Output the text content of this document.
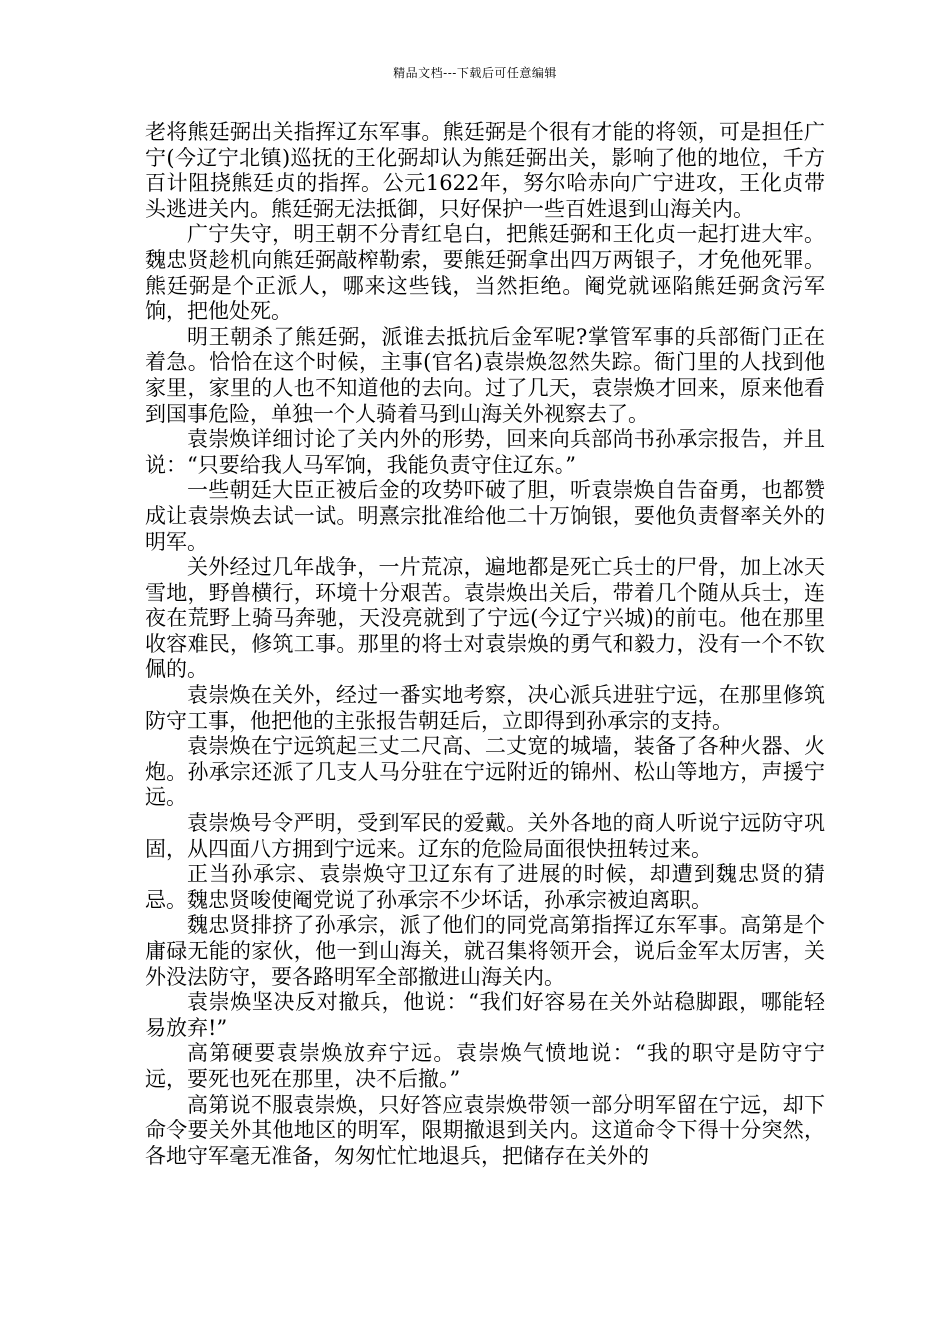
精品文档---下载后可任意编辑

老将熊廷弼出关指挥辽东军事。熊廷弼是个很有才能的将领，可是担任广宁(今辽宁北镇)巡抚的王化弼却认为熊廷弼出关，影响了他的地位，千方百计阻挠熊廷贞的指挥。公元1622年，努尔哈赤向广宁进攻，王化贞带头逃进关内。熊廷弼无法抵御，只好保护一些百姓退到山海关内。

广宁失守，明王朝不分青红皂白，把熊廷弼和王化贞一起打进大牢。魏忠贤趁机向熊廷弼敲榨勒索，要熊廷弼拿出四万两银子，才免他死罪。熊廷弼是个正派人，哪来这些钱，当然拒绝。阉党就诬陷熊廷弼贪污军饷，把他处死。

明王朝杀了熊廷弼，派谁去抵抗后金军呢?掌管军事的兵部衙门正在着急。恰恰在这个时候，主事(官名)袁崇焕忽然失踪。衙门里的人找到他家里，家里的人也不知道他的去向。过了几天，袁崇焕才回来，原来他看到国事危险，单独一个人骑着马到山海关外视察去了。

袁崇焕详细讨论了关内外的形势，回来向兵部尚书孙承宗报告，并且说：“只要给我人马军饷，我能负责守住辽东。”

一些朝廷大臣正被后金的攻势吓破了胆，听袁崇焕自告奋勇，也都赞成让袁崇焕去试一试。明熹宗批准给他二十万饷银，要他负责督率关外的明军。

关外经过几年战争，一片荒凉，遍地都是死亡兵士的尸骨，加上冰天雪地，野兽横行，环境十分艰苦。袁崇焕出关后，带着几个随从兵士，连夜在荒野上骑马奔驰，天没亮就到了宁远(今辽宁兴城)的前屯。他在那里收容难民，修筑工事。那里的将士对袁崇焕的勇气和毅力，没有一个不钦佩的。

袁崇焕在关外，经过一番实地考察，决心派兵进驻宁远，在那里修筑防守工事，他把他的主张报告朝廷后，立即得到孙承宗的支持。

袁崇焕在宁远筑起三丈二尺高、二丈宽的城墙，装备了各种火器、火炮。孙承宗还派了几支人马分驻在宁远附近的锦州、松山等地方，声援宁远。

袁崇焕号令严明，受到军民的爱戴。关外各地的商人听说宁远防守巩固，从四面八方拥到宁远来。辽东的危险局面很快扭转过来。

正当孙承宗、袁崇焕守卫辽东有了进展的时候，却遭到魏忠贤的猜忌。魏忠贤唆使阉党说了孙承宗不少坏话，孙承宗被迫离职。

魏忠贤排挤了孙承宗，派了他们的同党高第指挥辽东军事。高第是个庸碌无能的家伙，他一到山海关，就召集将领开会，说后金军太厉害，关外没法防守，要各路明军全部撤进山海关内。

袁崇焕坚决反对撤兵，他说：“我们好容易在关外站稳脚跟，哪能轻易放弃!”

高第硬要袁崇焕放弃宁远。袁崇焕气愤地说：“我的职守是防守宁远，要死也死在那里，决不后撤。”

高第说不服袁崇焕，只好答应袁崇焕带领一部分明军留在宁远，却下命令要关外其他地区的明军，限期撤退到关内。这道命令下得十分突然，各地守军毫无准备，匆匆忙忙地退兵，把储存在关外的
